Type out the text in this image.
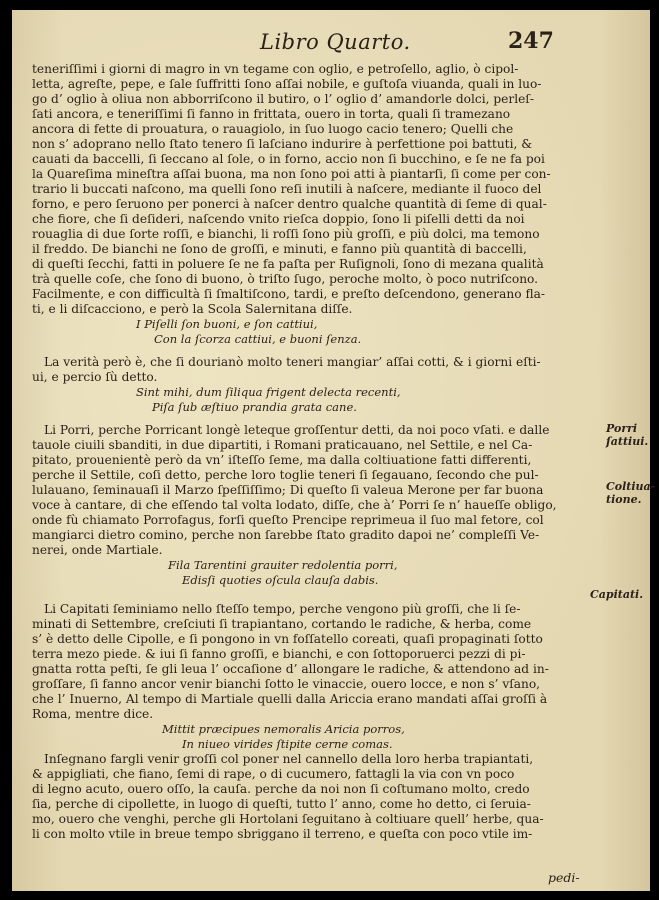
Libro Quarto.	247
teneriſſimi i giorni di magro in vn tegame con oglio, e petroſello, aglio, ò cipol-
letta, agreſte, pepe, e ſale ſuffritti ſono aſſai nobile, e guſtoſa viuanda, quali in luo-
go d’ oglio à oliua non abborriſcono il butiro, o l’ oglio d’ amandorle dolci, perleſ-
ſati ancora, e teneriſſimi ſi fanno in frittata, ouero in torta, quali ſi tramezano
ancora di fette di prouatura, o rauagiolo, in ſuo luogo cacio tenero; Quelli che
non s’ adoprano nello ſtato tenero ſi laſciano indurire à perfettione poi battuti, &
cauati da baccelli, ſi ſeccano al ſole, o in forno, accio non ſi bucchino, e ſe ne fa poi
la Quareſima mineſtra aſſai buona, ma non ſono poi atti à piantarſi, ſi come per con-
trario li buccati naſcono, ma quelli ſono reſi inutili à naſcere, mediante il fuoco del
forno, e pero ſeruono per ponerci à naſcer dentro qualche quantità di ſeme di qual-
che fiore, che ſi deſideri, naſcendo vnito rieſca doppio, ſono li piſelli detti da noi
rouaglia di due ſorte roſſi, e bianchi, li roſſi ſono più groſſi, e più dolci, ma temono
il freddo. De bianchi ne ſono de groſſi, e minuti, e fanno più quantità di baccelli,
di queſti ſecchi, fatti in poluere ſe ne fa paſta per Ruſignoli, ſono di mezana qualità
trà quelle coſe, che ſono di buono, ò triſto ſugo, peroche molto, ò poco nutriſcono.
Facilmente, e con difficultà ſi ſmaltiſcono, tardi, e preſto deſcendono, generano fla-
ti, e li diſcacciono, e però la Scola Salernitana diſſe.
I Piſelli ſon buoni, e ſon cattiui,
Con la ſcorza cattiui, e buoni ſenza.
La verità però è, che ſi dourianò molto teneri mangiar’ aſſai cotti, & i giorni eſti-
ui, e percio ſù detto.
Sint mihi, dum ſiliqua frigent delecta recenti,
Piſa ſub æſtiuo prandia grata cane.
Li Porri, perche Porricant longè leteque groſſentur detti, da noi poco vſati. e dalle
tauole ciuili sbanditi, in due dipartiti, i Romani praticauano, nel Settile, e nel Ca-
pitato, prouenientè però da vn’ iſteſſo ſeme, ma dalla coltiuatione fatti differenti,
perche il Settile, coſi detto, perche loro toglie teneri ſi ſegauano, ſecondo che pul-
lulauano, ſeminauaſi il Marzo ſpeſſiſſimo; Di queſto ſi valeua Merone per far buona
voce à cantare, di che eſſendo tal volta lodato, diſſe, che à’ Porri ſe n’ haueſſe obligo,
onde fù chiamato Porrofagus, forſi queſto Prencipe reprimeua il ſuo mal fetore, col
mangiarci dietro comino, perche non ſarebbe ſtato gradito dapoi ne’ compleſſi Ve-
nerei, onde Martiale.
Fila Tarentini grauiter redolentia porri,
Edisſi quoties oſcula clauſa dabis.
Li Capitati ſeminiamo nello ſteſſo tempo, perche vengono più groſſi, che li ſe-
minati di Settembre, creſciuti ſi trapiantano, cortando le radiche, & herba, come
s’ è detto delle Cipolle, e ſi pongono in vn foſſatello coreati, quaſi propaginati ſotto
terra mezo piede. & iui ſi fanno groſſi, e bianchi, e con ſottoporuerci pezzi di pi-
gnatta rotta peſti, ſe gli leua l’ occaſione d’ allongare le radiche, & attendono ad in-
groſſare, ſi fanno ancor venir bianchi ſotto le vinaccie, ouero locce, e non s’ vſano,
che l’ Inuerno, Al tempo di Martiale quelli dalla Ariccia erano mandati aſſai groſſi à
Roma, mentre dice.
Mittit præcipues nemoralis Aricia porros,
In niueo virides ſtipite cerne comas.
Inſegnano fargli venir groſſi col poner nel cannello della loro herba trapiantati,
& appigliati, che fiano, ſemi di rape, o di cucumero, fattagli la via con vn poco
di legno acuto, ouero oſſo, la cauſa. perche da noi non ſi coſtumano molto, credo
ſia, perche di cipollette, in luogo di queſti, tutto l’ anno, come ho detto, ci ſeruia-
mo, ouero che venghi, perche gli Hortolani ſeguitano à coltiuare quell’ herbe, qua-
li con molto vtile in breue tempo sbriggano il terreno, e queſta con poco vtile im-
Porri
ſattiui.
Coltiua-
tione.
Capitati.
pedi-
